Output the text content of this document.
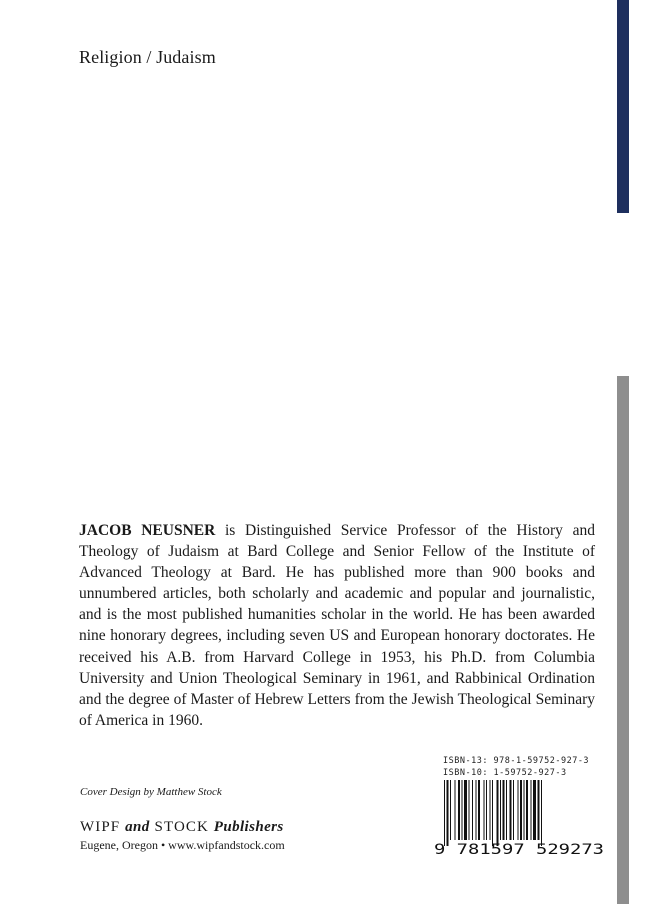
Religion / Judaism

JACOB NEUSNER is Distinguished Service Professor of the History and Theology of Judaism at Bard College and Senior Fellow of the Institute of Advanced Theology at Bard. He has published more than 900 books and unnumbered articles, both scholarly and academic and popular and journalistic, and is the most published humanities scholar in the world. He has been awarded nine honorary degrees, including seven US and European honorary doctorates. He received his A.B. from Harvard College in 1953, his Ph.D. from Columbia University and Union Theological Seminary in 1961, and Rabbinical Ordination and the degree of Master of Hebrew Letters from the Jewish Theological Seminary of America in 1960.

Cover Design by Matthew Stock
WIPF and STOCK Publishers
Eugene, Oregon • www.wipfandstock.com
ISBN-13: 978-1-59752-927-3
ISBN-10: 1-59752-927-3
9 781597 529273
